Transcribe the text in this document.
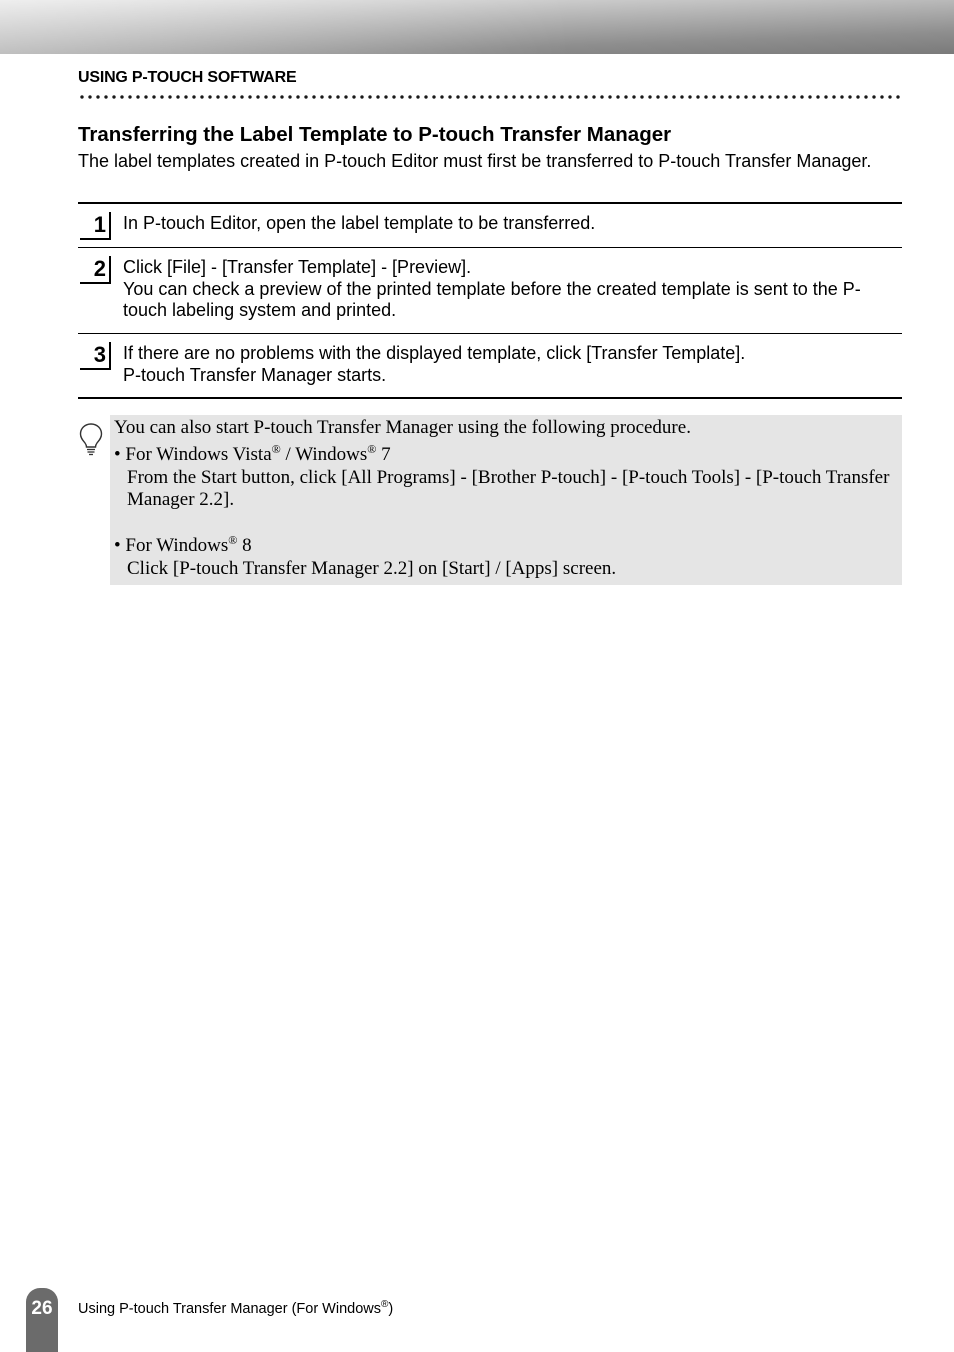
USING P-TOUCH SOFTWARE
Transferring the Label Template to P-touch Transfer Manager
The label templates created in P-touch Editor must first be transferred to P-touch Transfer Manager.
1 In P-touch Editor, open the label template to be transferred.
2 Click [File] - [Transfer Template] - [Preview].
You can check a preview of the printed template before the created template is sent to the P-touch labeling system and printed.
3 If there are no problems with the displayed template, click [Transfer Template].
P-touch Transfer Manager starts.
You can also start P-touch Transfer Manager using the following procedure.
• For Windows Vista® / Windows® 7
From the Start button, click [All Programs] - [Brother P-touch] - [P-touch Tools] - [P-touch Transfer Manager 2.2].
• For Windows® 8
Click [P-touch Transfer Manager 2.2] on [Start] / [Apps] screen.
26	Using P-touch Transfer Manager (For Windows®)
